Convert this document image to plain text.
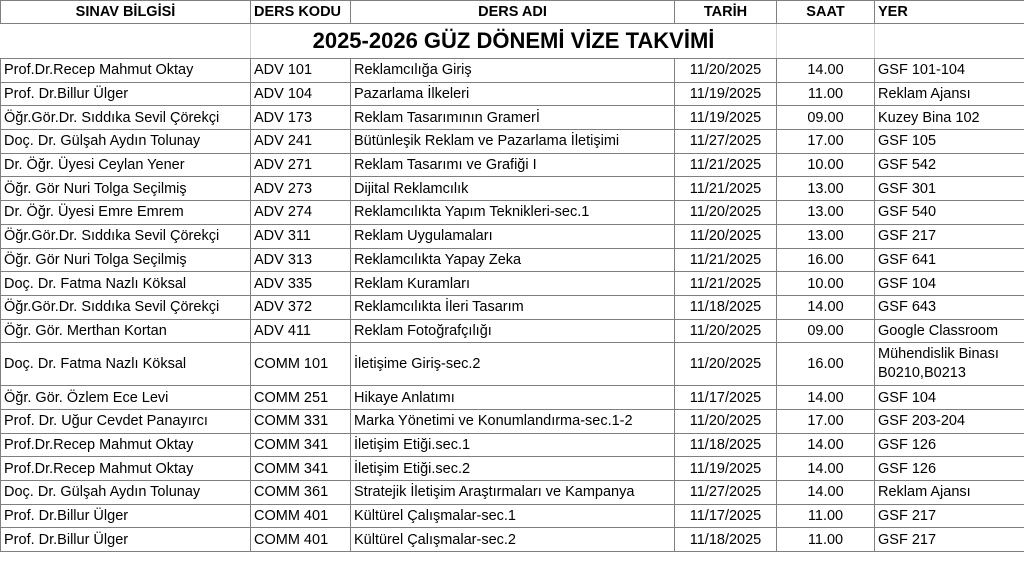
	2025-2026 GÜZ DÖNEMİ VİZE TAKVİMİ				
SINAV BİLGİSİ	DERS KODU	DERS ADI	TARİH	SAAT	YER
Prof.Dr.Recep Mahmut Oktay	ADV 101	Reklamcılığa Giriş	11/20/2025	14.00	GSF 101-104
Prof. Dr.Billur Ülger	ADV 104	Pazarlama İlkeleri	11/19/2025	11.00	Reklam Ajansı
Öğr.Gör.Dr. Sıddıka Sevil Çörekçi	ADV 173	Reklam Tasarımının Gramerİ	11/19/2025	09.00	Kuzey Bina 102
Doç. Dr. Gülşah Aydın Tolunay	ADV 241	Bütünleşik Reklam ve Pazarlama İletişimi	11/27/2025	17.00	GSF 105
Dr. Öğr. Üyesi Ceylan Yener	ADV 271	Reklam Tasarımı ve Grafiği I	11/21/2025	10.00	GSF 542
Öğr. Gör Nuri Tolga Seçilmiş	ADV 273	Dijital Reklamcılık	11/21/2025	13.00	GSF 301
Dr. Öğr. Üyesi Emre Emrem	ADV 274	Reklamcılıkta Yapım Teknikleri-sec.1	11/20/2025	13.00	GSF 540
Öğr.Gör.Dr. Sıddıka Sevil Çörekçi	ADV 311	Reklam Uygulamaları	11/20/2025	13.00	GSF 217
Öğr. Gör Nuri Tolga Seçilmiş	ADV 313	Reklamcılıkta Yapay Zeka	11/21/2025	16.00	GSF 641
Doç. Dr. Fatma Nazlı Köksal	ADV 335	Reklam Kuramları	11/21/2025	10.00	GSF 104
Öğr.Gör.Dr. Sıddıka Sevil Çörekçi	ADV 372	Reklamcılıkta İleri Tasarım	11/18/2025	14.00	GSF 643
Öğr. Gör. Merthan Kortan	ADV 411	Reklam Fotoğrafçılığı	11/20/2025	09.00	Google Classroom
Doç. Dr. Fatma Nazlı Köksal	COMM 101	İletişime Giriş-sec.2	11/20/2025	16.00	Mühendislik Binası B0210,B0213
Öğr. Gör. Özlem Ece Levi	COMM 251	Hikaye Anlatımı	11/17/2025	14.00	GSF 104
Prof. Dr. Uğur Cevdet Panayırcı	COMM 331	Marka Yönetimi ve Konumlandırma-sec.1-2	11/20/2025	17.00	GSF 203-204
Prof.Dr.Recep Mahmut Oktay	COMM 341	İletişim Etiği.sec.1	11/18/2025	14.00	GSF 126
Prof.Dr.Recep Mahmut Oktay	COMM 341	İletişim Etiği.sec.2	11/19/2025	14.00	GSF 126
Doç. Dr. Gülşah Aydın Tolunay	COMM 361	Stratejik İletişim Araştırmaları ve Kampanya	11/27/2025	14.00	Reklam Ajansı
Prof. Dr.Billur Ülger	COMM 401	Kültürel Çalışmalar-sec.1	11/17/2025	11.00	GSF 217
Prof. Dr.Billur Ülger	COMM 401	Kültürel Çalışmalar-sec.2	11/18/2025	11.00	GSF 217
